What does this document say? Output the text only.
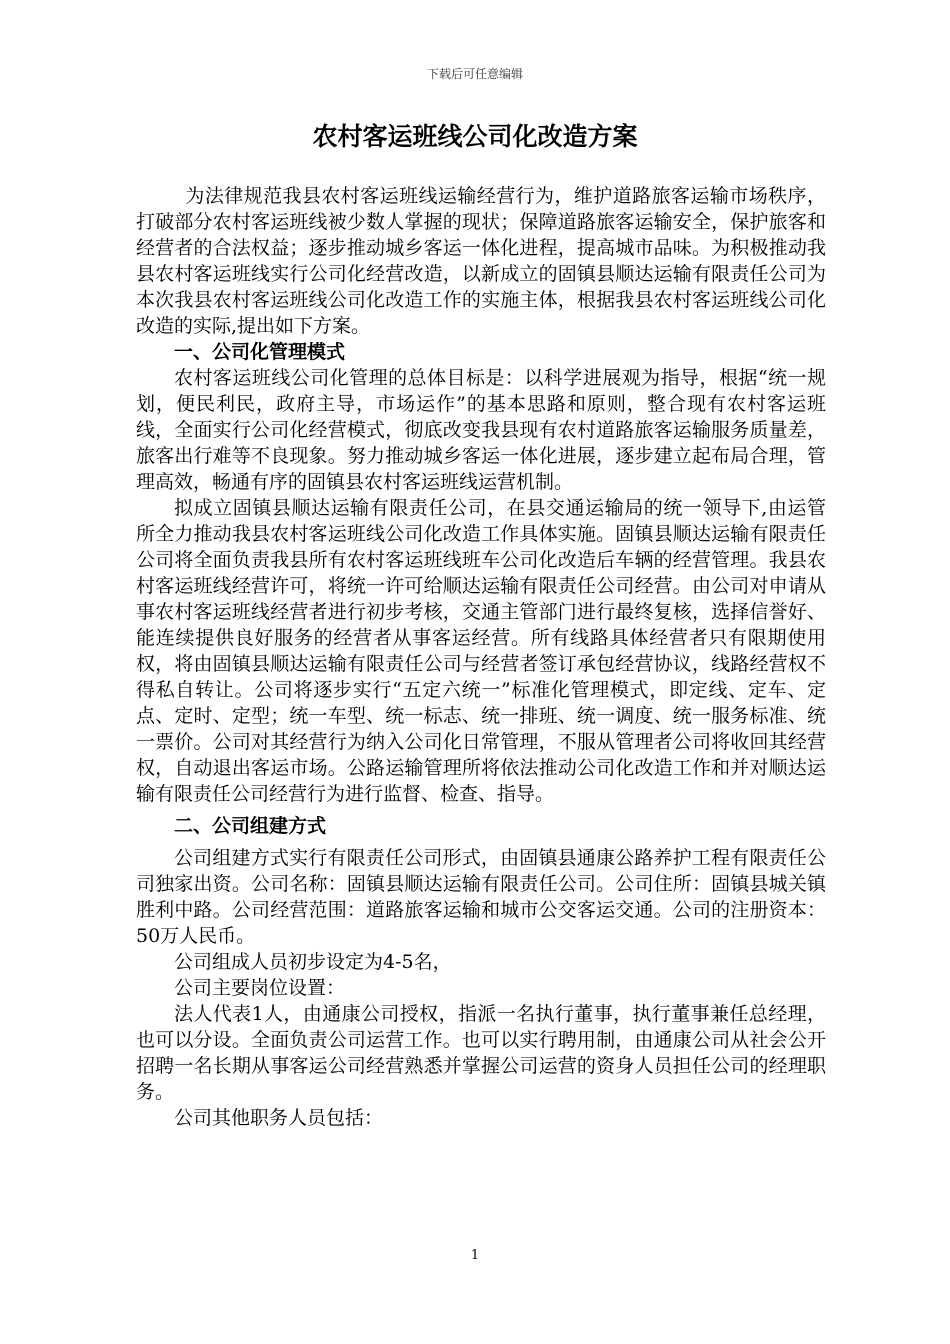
下载后可任意编辑
农村客运班线公司化改造方案

为法律规范我县农村客运班线运输经营行为，维护道路旅客运输市场秩序，打破部分农村客运班线被少数人掌握的现状；保障道路旅客运输安全，保护旅客和经营者的合法权益；逐步推动城乡客运一体化进程，提高城市品味。为积极推动我县农村客运班线实行公司化经营改造，以新成立的固镇县顺达运输有限责任公司为本次我县农村客运班线公司化改造工作的实施主体，根据我县农村客运班线公司化改造的实际,提出如下方案。

一、公司化管理模式

农村客运班线公司化管理的总体目标是：以科学进展观为指导，根据“统一规划，便民利民，政府主导，市场运作”的基本思路和原则，整合现有农村客运班线，全面实行公司化经营模式，彻底改变我县现有农村道路旅客运输服务质量差，旅客出行难等不良现象。努力推动城乡客运一体化进展，逐步建立起布局合理，管理高效，畅通有序的固镇县农村客运班线运营机制。

拟成立固镇县顺达运输有限责任公司，在县交通运输局的统一领导下,由运管所全力推动我县农村客运班线公司化改造工作具体实施。固镇县顺达运输有限责任公司将全面负责我县所有农村客运班线班车公司化改造后车辆的经营管理。我县农村客运班线经营许可，将统一许可给顺达运输有限责任公司经营。由公司对申请从事农村客运班线经营者进行初步考核，交通主管部门进行最终复核，选择信誉好、能连续提供良好服务的经营者从事客运经营。所有线路具体经营者只有限期使用权，将由固镇县顺达运输有限责任公司与经营者签订承包经营协议，线路经营权不得私自转让。公司将逐步实行“五定六统一”标准化管理模式，即定线、定车、定点、定时、定型；统一车型、统一标志、统一排班、统一调度、统一服务标准、统一票价。公司对其经营行为纳入公司化日常管理，不服从管理者公司将收回其经营权，自动退出客运市场。公路运输管理所将依法推动公司化改造工作和并对顺达运输有限责任公司经营行为进行监督、检查、指导。

二、公司组建方式

公司组建方式实行有限责任公司形式，由固镇县通康公路养护工程有限责任公司独家出资。公司名称：固镇县顺达运输有限责任公司。公司住所：固镇县城关镇胜利中路。公司经营范围：道路旅客运输和城市公交客运交通。公司的注册资本：50万人民币。

公司组成人员初步设定为4-5名，

公司主要岗位设置：

法人代表1人，由通康公司授权，指派一名执行董事，执行董事兼任总经理，也可以分设。全面负责公司运营工作。也可以实行聘用制，由通康公司从社会公开招聘一名长期从事客运公司经营熟悉并掌握公司运营的资身人员担任公司的经理职务。

公司其他职务人员包括：

1
